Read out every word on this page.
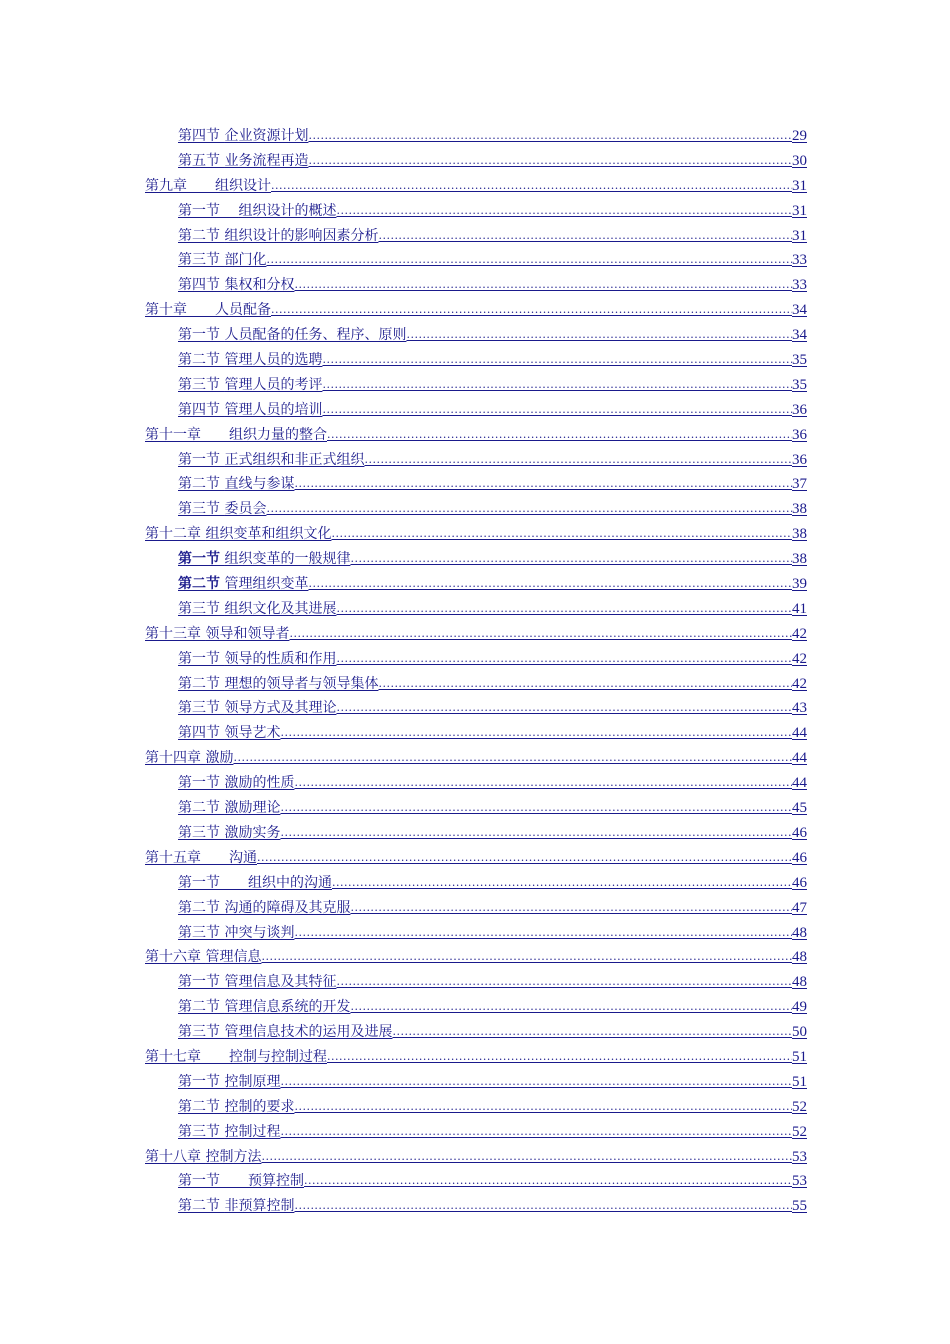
第四节 企业资源计划 .....	29
第五节 业务流程再造 .....	30
第九章　　 组织设计 .....	31
第一节　 组织设计的概述 .....	31
第二节 组织设计的影响因素分析 .....	31
第三节 部门化 .....	33
第四节 集权和分权 .....	33
第十章　　 人员配备 .....	34
第一节 人员配备的任务、程序、原则 .....	34
第二节 管理人员的选聘 .....	35
第三节 管理人员的考评 .....	35
第四节 管理人员的培训 .....	36
第十一章　　 组织力量的整合 .....	36
第一节 正式组织和非正式组织 .....	36
第二节 直线与参谋 .....	37
第三节 委员会 .....	38
第十二章 组织变革和组织文化 .....	38
第一节 组织变革的一般规律 .....	38
第二节 管理组织变革 .....	39
第三节 组织文化及其进展 .....	41
第十三章 领导和领导者 .....	42
第一节 领导的性质和作用 .....	42
第二节 理想的领导者与领导集体 .....	42
第三节 领导方式及其理论 .....	43
第四节 领导艺术 .....	44
第十四章 激励 .....	44
第一节 激励的性质 .....	44
第二节 激励理论 .....	45
第三节 激励实务 .....	46
第十五章　　 沟通 .....	46
第一节　　 组织中的沟通 .....	46
第二节 沟通的障碍及其克服 .....	47
第三节 冲突与谈判 .....	48
第十六章 管理信息 .....	48
第一节 管理信息及其特征 .....	48
第二节 管理信息系统的开发 .....	49
第三节 管理信息技术的运用及进展 .....	50
第十七章　　 控制与控制过程 .....	51
第一节 控制原理 .....	51
第二节 控制的要求 .....	52
第三节 控制过程 .....	52
第十八章 控制方法 .....	53
第一节　　 预算控制 .....	53
第二节 非预算控制 .....	55
